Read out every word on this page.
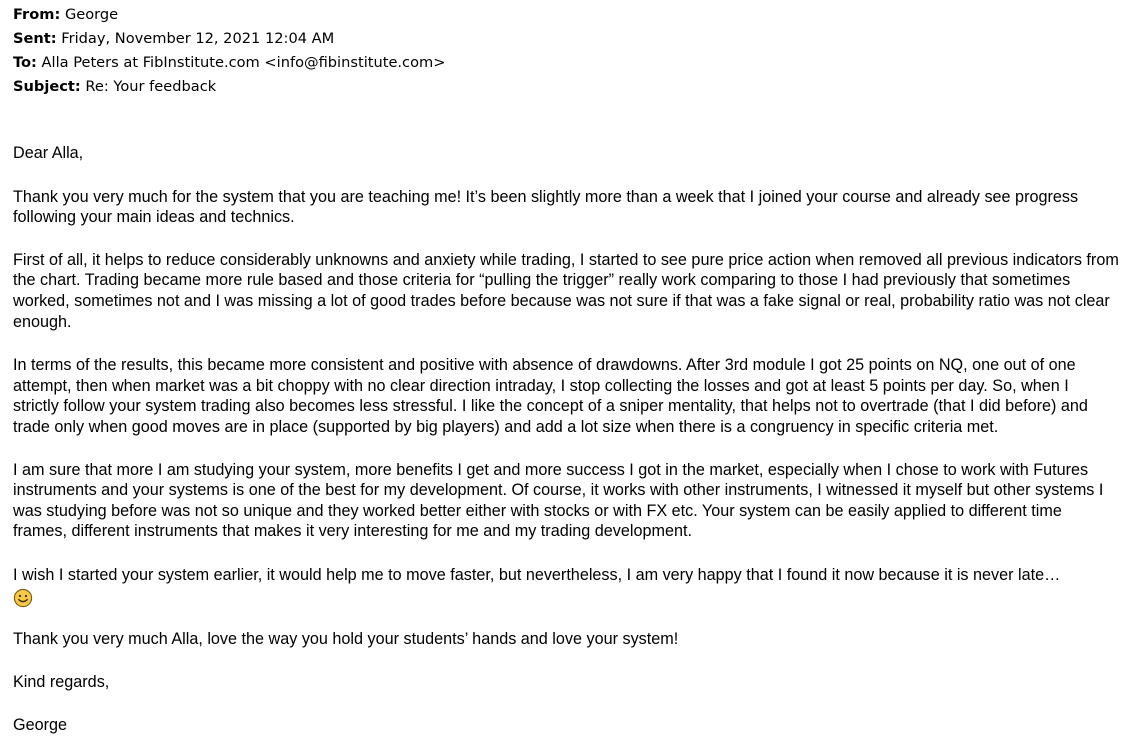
From: George
Sent: Friday, November 12, 2021 12:04 AM
To: Alla Peters at FibInstitute.com <info@fibinstitute.com>
Subject: Re: Your feedback

Dear Alla,

Thank you very much for the system that you are teaching me! It’s been slightly more than a week that I joined your course and already see progress following your main ideas and technics.

First of all, it helps to reduce considerably unknowns and anxiety while trading, I started to see pure price action when removed all previous indicators from the chart. Trading became more rule based and those criteria for “pulling the trigger” really work comparing to those I had previously that sometimes worked, sometimes not and I was missing a lot of good trades before because was not sure if that was a fake signal or real, probability ratio was not clear enough.

In terms of the results, this became more consistent and positive with absence of drawdowns. After 3rd module I got 25 points on NQ, one out of one attempt, then when market was a bit choppy with no clear direction intraday, I stop collecting the losses and got at least 5 points per day. So, when I strictly follow your system trading also becomes less stressful. I like the concept of a sniper mentality, that helps not to overtrade (that I did before) and trade only when good moves are in place (supported by big players) and add a lot size when there is a congruency in specific criteria met.

I am sure that more I am studying your system, more benefits I get and more success I got in the market, especially when I chose to work with Futures instruments and your systems is one of the best for my development. Of course, it works with other instruments, I witnessed it myself but other systems I was studying before was not so unique and they worked better either with stocks or with FX etc. Your system can be easily applied to different time frames, different instruments that makes it very interesting for me and my trading development.

I wish I started your system earlier, it would help me to move faster, but nevertheless, I am very happy that I found it now because it is never late…

Thank you very much Alla, love the way you hold your students’ hands and love your system!

Kind regards,

George
